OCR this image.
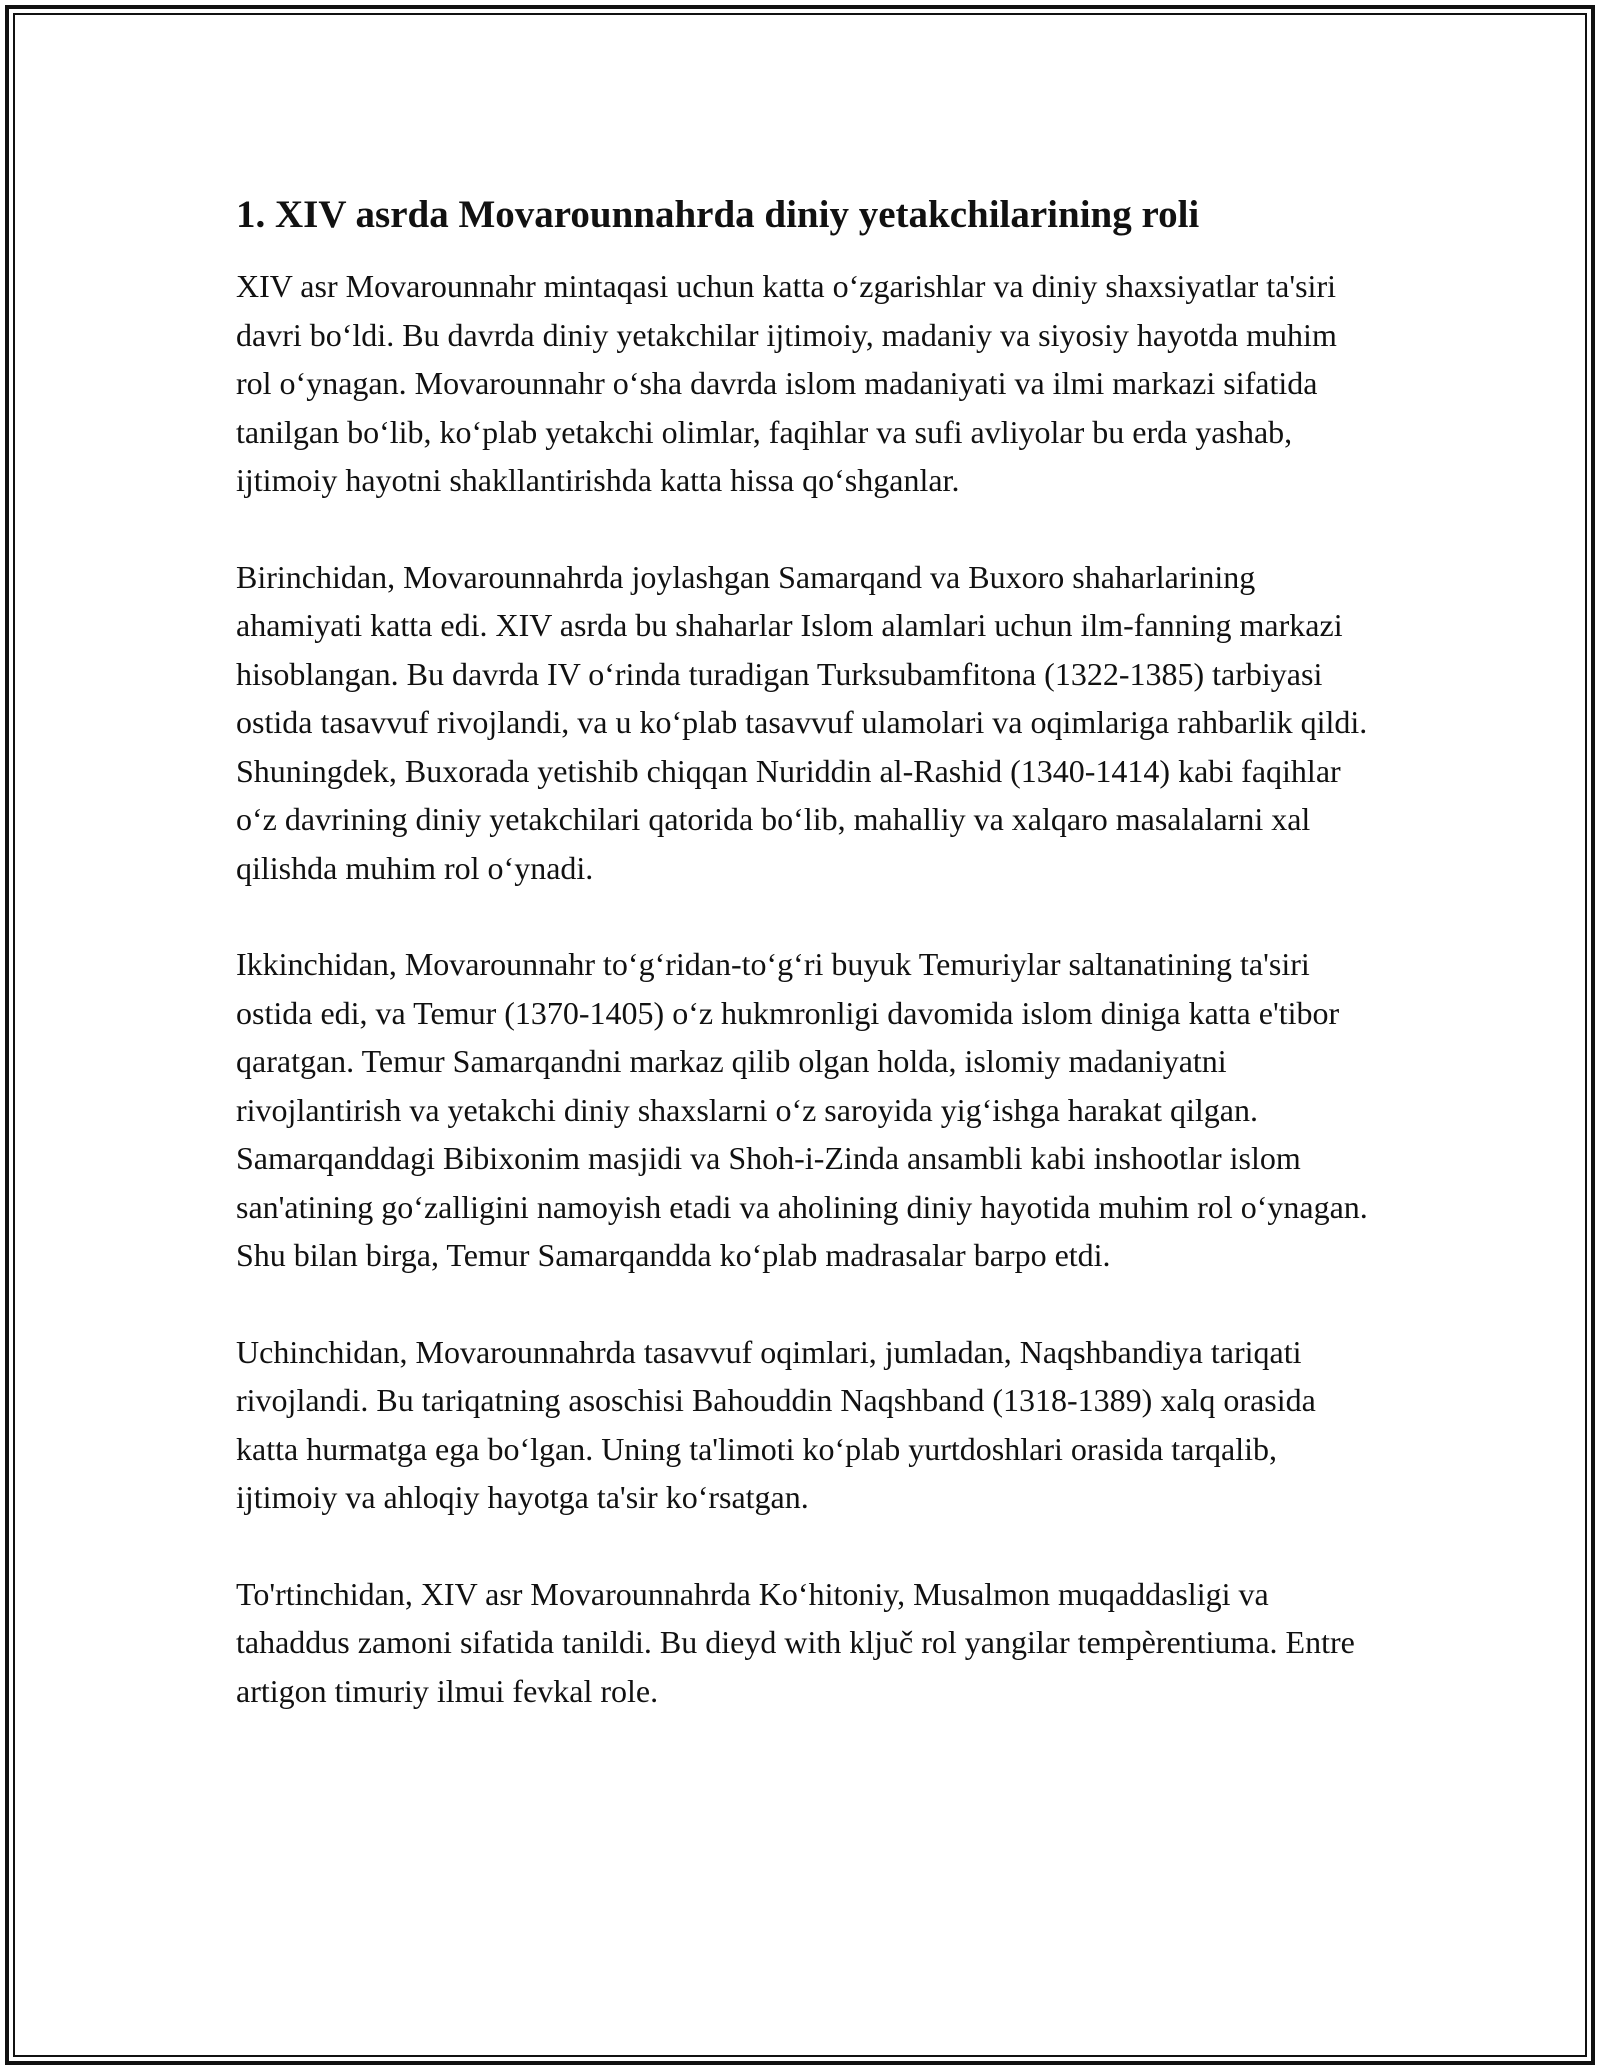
1. XIV asrda Movarounnahrda diniy yetakchilarining roli

XIV asr Movarounnahr mintaqasi uchun katta o‘zgarishlar va diniy shaxsiyatlar ta'siri davri bo‘ldi. Bu davrda diniy yetakchilar ijtimoiy, madaniy va siyosiy hayotda muhim rol o‘ynagan. Movarounnahr o‘sha davrda islom madaniyati va ilmi markazi sifatida tanilgan bo‘lib, ko‘plab yetakchi olimlar, faqihlar va sufi avliyolar bu erda yashab, ijtimoiy hayotni shakllantirishda katta hissa qo‘shganlar.

Birinchidan, Movarounnahrda joylashgan Samarqand va Buxoro shaharlarining ahamiyati katta edi. XIV asrda bu shaharlar Islom alamlari uchun ilm-fanning markazi hisoblangan. Bu davrda IV o‘rinda turadigan Turksubamfitona (1322-1385) tarbiyasi ostida tasavvuf rivojlandi, va u ko‘plab tasavvuf ulamolari va oqimlariga rahbarlik qildi. Shuningdek, Buxorada yetishib chiqqan Nuriddin al-Rashid (1340-1414) kabi faqihlar o‘z davrining diniy yetakchilari qatorida bo‘lib, mahalliy va xalqaro masalalarni xal qilishda muhim rol o‘ynadi.

Ikkinchidan, Movarounnahr to‘g‘ridan-to‘g‘ri buyuk Temuriylar saltanatining ta'siri ostida edi, va Temur (1370-1405) o‘z hukmronligi davomida islom diniga katta e'tibor qaratgan. Temur Samarqandni markaz qilib olgan holda, islomiy madaniyatni rivojlantirish va yetakchi diniy shaxslarni o‘z saroyida yig‘ishga harakat qilgan. Samarqanddagi Bibixonim masjidi va Shoh-i-Zinda ansambli kabi inshootlar islom san'atining go‘zalligini namoyish etadi va aholining diniy hayotida muhim rol o‘ynagan. Shu bilan birga, Temur Samarqandda ko‘plab madrasalar barpo etdi.

Uchinchidan, Movarounnahrda tasavvuf oqimlari, jumladan, Naqshbandiya tariqati rivojlandi. Bu tariqatning asoschisi Bahouddin Naqshband (1318-1389) xalq orasida katta hurmatga ega bo‘lgan. Uning ta'limoti ko‘plab yurtdoshlari orasida tarqalib, ijtimoiy va ahloqiy hayotga ta'sir ko‘rsatgan.

To'rtinchidan, XIV asr Movarounnahrda Ko‘hitoniy, Musalmon muqaddasligi va tahaddus zamoni sifatida tanildi. Bu dieyd with ključ rol yangilar tempèrentiuma. Entre artigon timuriy ilmui fevkal role.
